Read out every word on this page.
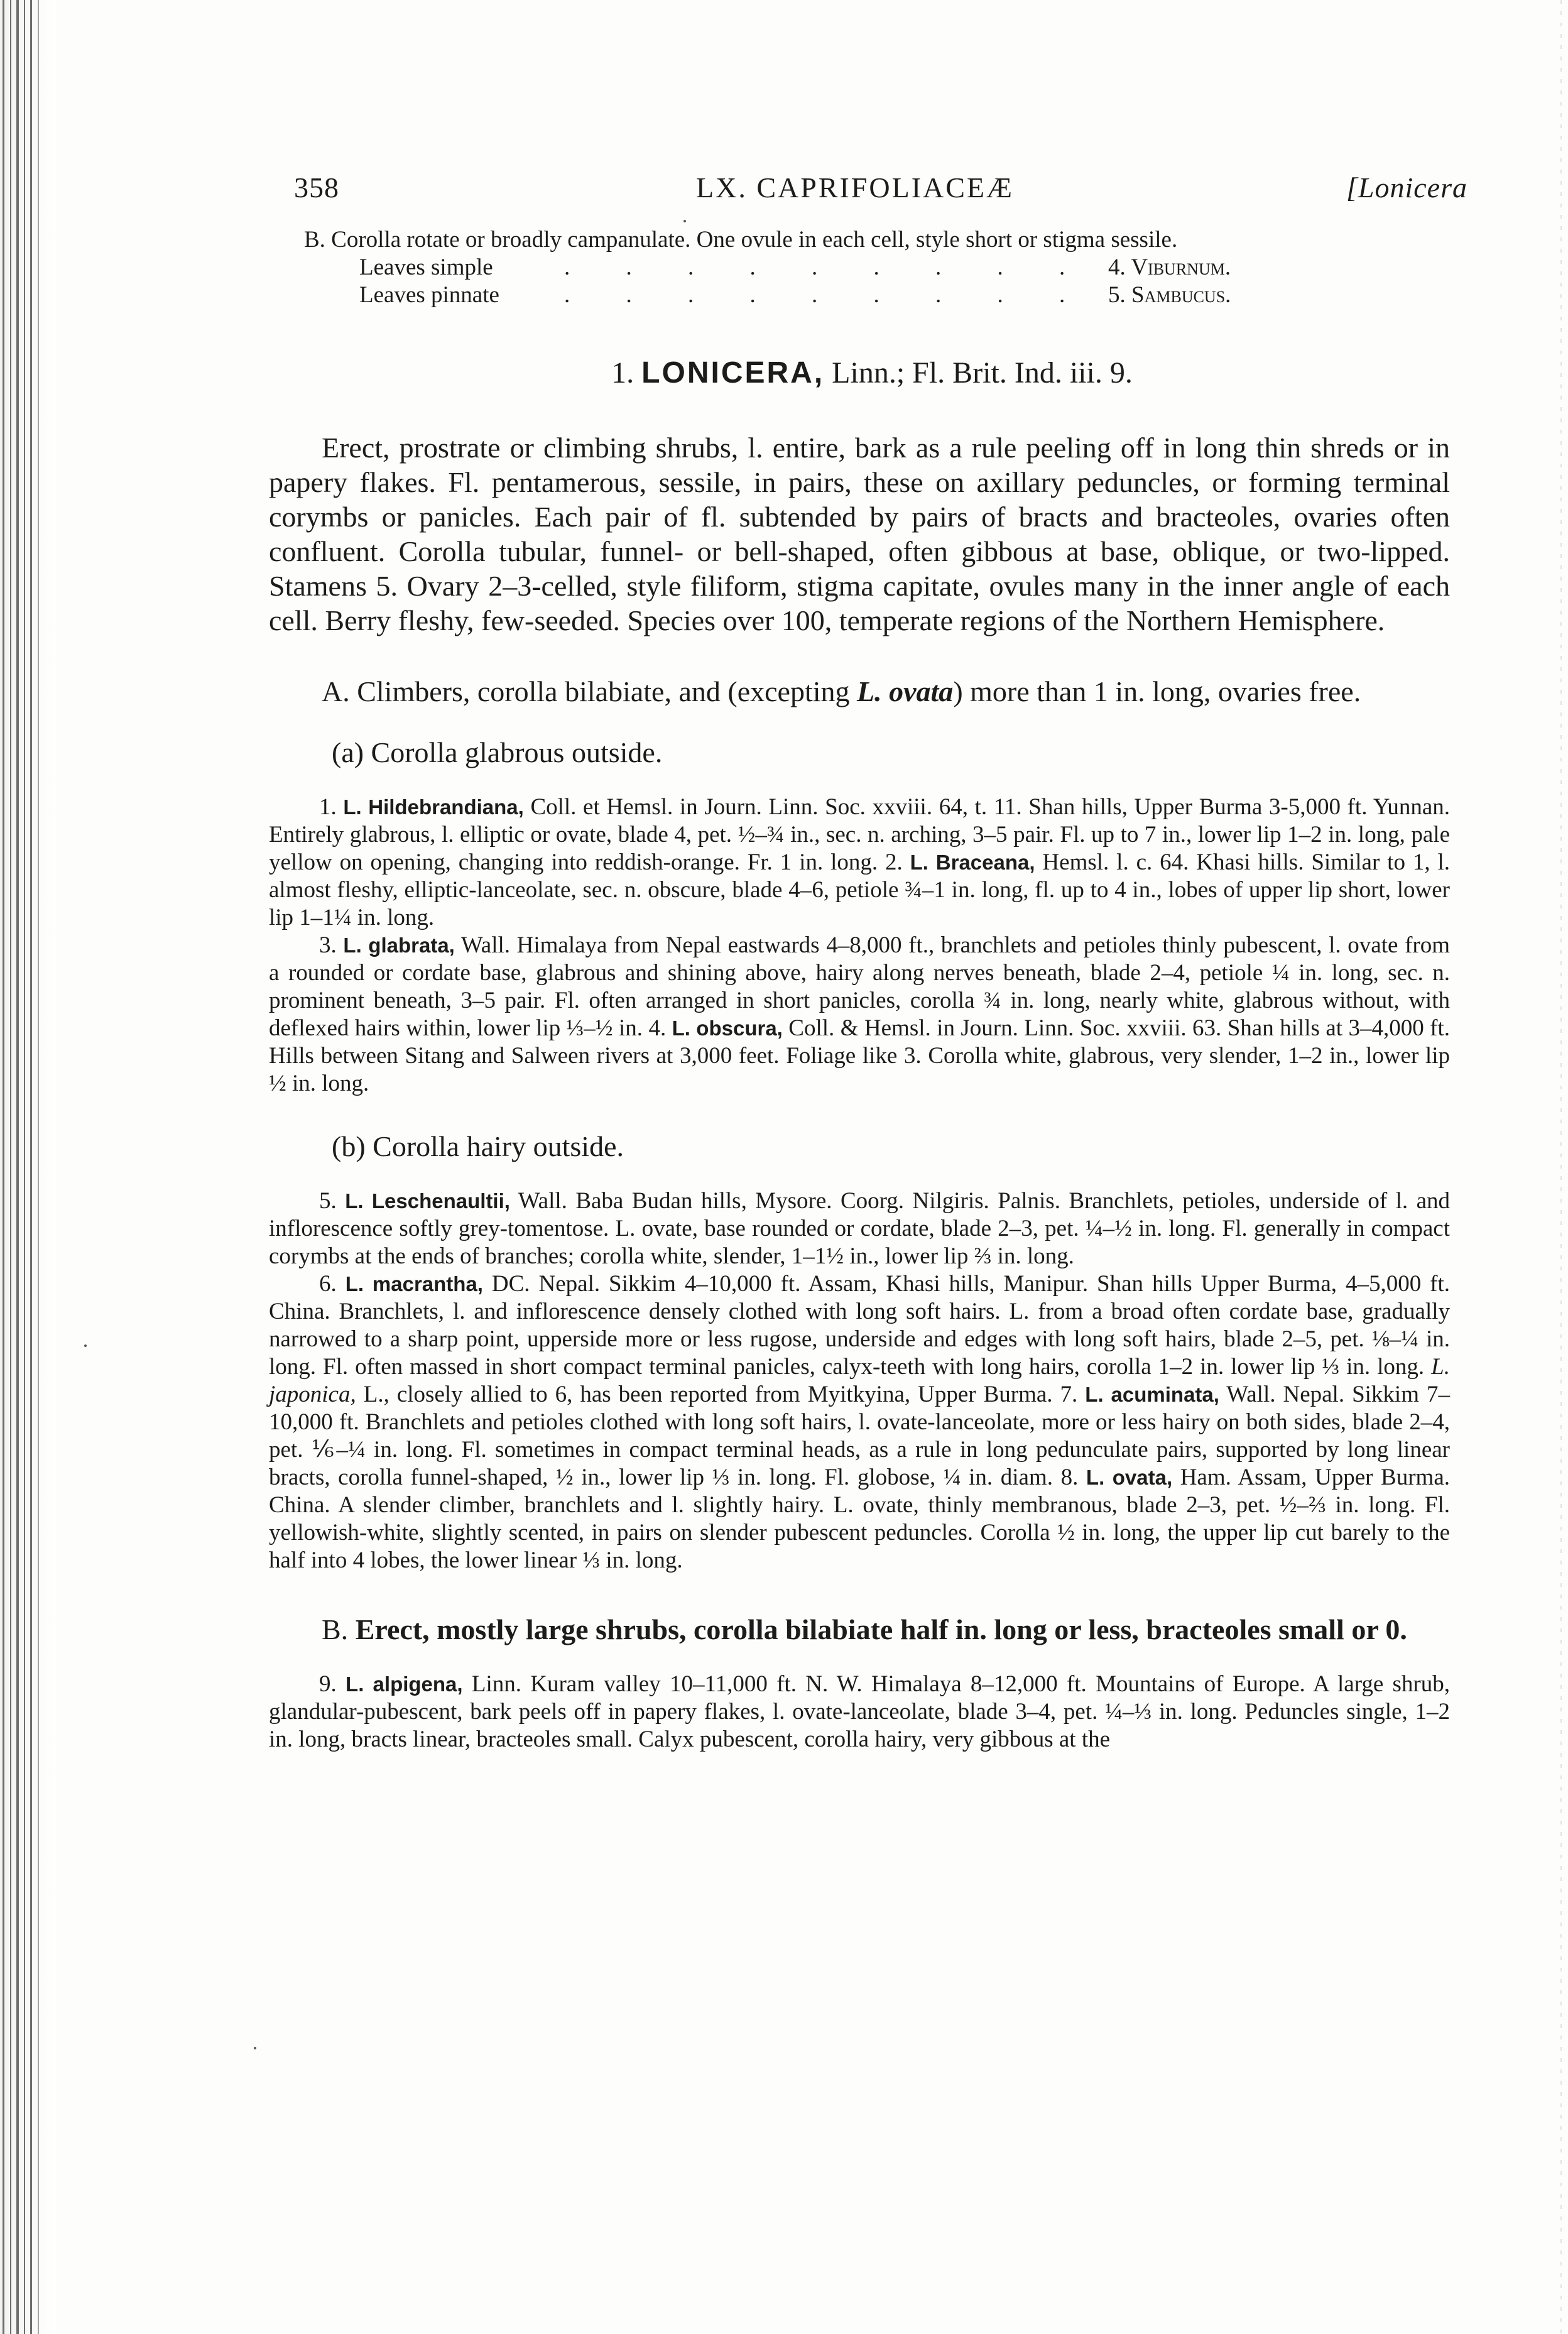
358	LX. CAPRIFOLIACEÆ	[Lonicera
B. Corolla rotate or broadly campanulate. One ovule in each cell, style short or stigma sessile.
Leaves simple	. . . . . . . . . 4. Viburnum.
Leaves pinnate	. . . . . . . . . 5. Sambucus.
1. LONICERA, Linn.; Fl. Brit. Ind. iii. 9.
Erect, prostrate or climbing shrubs, l. entire, bark as a rule peeling off in long thin shreds or in papery flakes. Fl. pentamerous, sessile, in pairs, these on axillary peduncles, or forming terminal corymbs or panicles. Each pair of fl. subtended by pairs of bracts and bracteoles, ovaries often confluent. Corolla tubular, funnel- or bell-shaped, often gibbous at base, oblique, or two-lipped. Stamens 5. Ovary 2–3-celled, style filiform, stigma capitate, ovules many in the inner angle of each cell. Berry fleshy, few-seeded. Species over 100, temperate regions of the Northern Hemisphere.
A. Climbers, corolla bilabiate, and (excepting L. ovata) more than 1 in. long, ovaries free.
(a) Corolla glabrous outside.
1. L. Hildebrandiana, Coll. et Hemsl. in Journ. Linn. Soc. xxviii. 64, t. 11. Shan hills, Upper Burma 3-5,000 ft. Yunnan. Entirely glabrous, l. elliptic or ovate, blade 4, pet. ½–¾ in., sec. n. arching, 3–5 pair. Fl. up to 7 in., lower lip 1–2 in. long, pale yellow on opening, changing into reddish-orange. Fr. 1 in. long. 2. L. Braceana, Hemsl. l. c. 64. Khasi hills. Similar to 1, l. almost fleshy, elliptic-lanceolate, sec. n. obscure, blade 4–6, petiole ¾–1 in. long, fl. up to 4 in., lobes of upper lip short, lower lip 1–1¼ in. long.
3. L. glabrata, Wall. Himalaya from Nepal eastwards 4–8,000 ft., branchlets and petioles thinly pubescent, l. ovate from a rounded or cordate base, glabrous and shining above, hairy along nerves beneath, blade 2–4, petiole ¼ in. long, sec. n. prominent beneath, 3–5 pair. Fl. often arranged in short panicles, corolla ¾ in. long, nearly white, glabrous without, with deflexed hairs within, lower lip ⅓–½ in. 4. L. obscura, Coll. & Hemsl. in Journ. Linn. Soc. xxviii. 63. Shan hills at 3–4,000 ft. Hills between Sitang and Salween rivers at 3,000 feet. Foliage like 3. Corolla white, glabrous, very slender, 1–2 in., lower lip ½ in. long.
(b) Corolla hairy outside.
5. L. Leschenaultii, Wall. Baba Budan hills, Mysore. Coorg. Nilgiris. Palnis. Branchlets, petioles, underside of l. and inflorescence softly grey-tomentose. L. ovate, base rounded or cordate, blade 2–3, pet. ¼–½ in. long. Fl. generally in compact corymbs at the ends of branches; corolla white, slender, 1–1½ in., lower lip ⅔ in. long.
6. L. macrantha, DC. Nepal. Sikkim 4–10,000 ft. Assam, Khasi hills, Manipur. Shan hills Upper Burma, 4–5,000 ft. China. Branchlets, l. and inflorescence densely clothed with long soft hairs. L. from a broad often cordate base, gradually narrowed to a sharp point, upperside more or less rugose, underside and edges with long soft hairs, blade 2–5, pet. ⅛–¼ in. long. Fl. often massed in short compact terminal panicles, calyx-teeth with long hairs, corolla 1–2 in. lower lip ⅓ in. long. L. japonica, L., closely allied to 6, has been reported from Myitkyina, Upper Burma. 7. L. acuminata, Wall. Nepal. Sikkim 7–10,000 ft. Branchlets and petioles clothed with long soft hairs, l. ovate-lanceolate, more or less hairy on both sides, blade 2–4, pet. ⅙–¼ in. long. Fl. sometimes in compact terminal heads, as a rule in long pedunculate pairs, supported by long linear bracts, corolla funnel-shaped, ½ in., lower lip ⅓ in. long. Fl. globose, ¼ in. diam. 8. L. ovata, Ham. Assam, Upper Burma. China. A slender climber, branchlets and l. slightly hairy. L. ovate, thinly membranous, blade 2–3, pet. ½–⅔ in. long. Fl. yellowish-white, slightly scented, in pairs on slender pubescent peduncles. Corolla ½ in. long, the upper lip cut barely to the half into 4 lobes, the lower linear ⅓ in. long.
B. Erect, mostly large shrubs, corolla bilabiate half in. long or less, bracteoles small or 0.
9. L. alpigena, Linn. Kuram valley 10–11,000 ft. N. W. Himalaya 8–12,000 ft. Mountains of Europe. A large shrub, glandular-pubescent, bark peels off in papery flakes, l. ovate-lanceolate, blade 3–4, pet. ¼–⅓ in. long. Peduncles single, 1–2 in. long, bracts linear, bracteoles small. Calyx pubescent, corolla hairy, very gibbous at the
